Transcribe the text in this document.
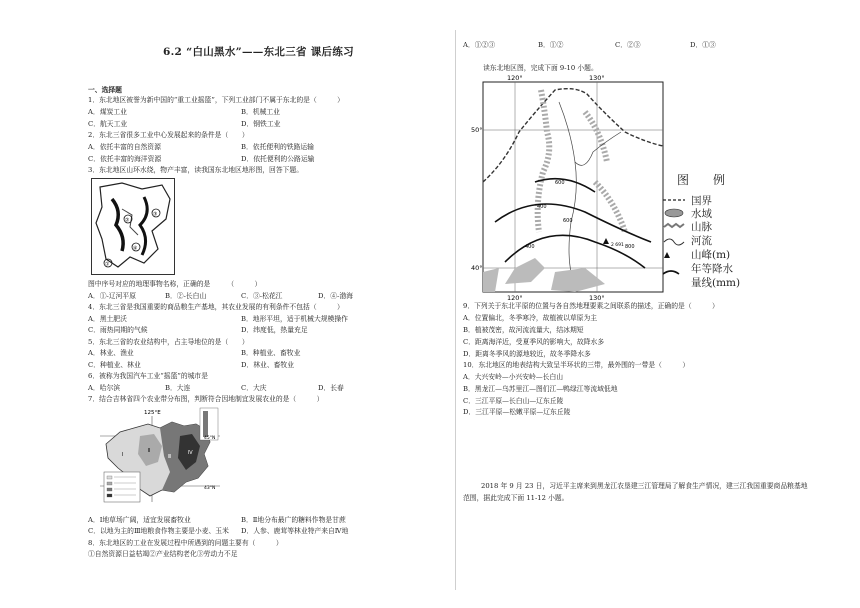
6.2 “白山黑水”——东北三省 课后练习
一、选择题
1．东北地区被誉为新中国的“重工业摇篮”，下列工业部门不属于东北的是（　　　）
A．煤炭工业	B．机械工业
C．航天工业	D．钢铁工业
2．东北三省很多工业中心发展起来的条件是（　　）
A．依托丰富的自然资源	B．依托便利的铁路运输
C．依托丰富的海洋资源	D．依托便利的公路运输
3．东北地区山环水绕，物产丰富，读我国东北地区地形图，回答下题。
②
①
③
④
图中序号对应的地理事物名称，正确的是　　　（　　　）
A．①-辽河平原	B．②-长白山	C．③-松花江	D．④-渤海
4．东北三省是我国重要的商品粮生产基地，其农业发展的有利条件不包括（　　　）
A．黑土肥沃	B．地形平坦，适于机械大规模操作
C．雨热同期的气候	D．纬度低，热量充足
5．东北三省的农业结构中，占主导地位的是（　　）
A．林业、渔业	B．种植业、畜牧业
C．种植业、林业	D．林业、畜牧业
6．被称为我国汽车工业“摇篮”的城市是
A．哈尔滨	B．大连	C．大庆	D．长春
7．结合吉林省四个农业带分布图，判断符合因地制宜发展农业的是（　　　）
125°E
45°N
43°N
Ⅰ
Ⅱ
Ⅲ
Ⅳ
A．Ⅰ地草场广阔，适宜发展畜牧业	B．Ⅱ地分布最广的糖料作物是甘蔗
C．以地为主的Ⅲ地粮食作物主要是小麦、玉米 D．人参、鹿茸等林业特产来自Ⅳ地
8．东北地区的工业在发展过程中所遇到的问题主要有（　　　）
①自然资源日益枯竭②产业结构老化③劳动力不足
A．①②③	B．①②	C．②③	D．①③
读东北地区图，完成下面 9-10 小题。
2 691
120°	130°
120°	130°
50°
40°
400
600
800
400
600	图　例
国界
水域
山脉
河流
山峰(m)
年等降水
量线(mm)
9．下列关于东北平原的位置与各自然地理要素之间联系的描述，正确的是（　　　）
A．位置偏北，冬季寒冷，故植被以草原为主
B．植被茂密，故河流流量大，结冰期短
C．距离海洋近，受夏季风的影响大，故降水多
D．距离冬季风的源地较近，故冬季降水多
10．东北地区的地表结构大致呈半环状的三带，最外围的一带是（　　　）
A．大兴安岭—小兴安岭—长白山
B．黑龙江—乌苏里江—图们江—鸭绿江等流域低地
C．三江平原—长白山—辽东丘陵
D．三江平原—松嫩平原—辽东丘陵
2018 年 9 月 23 日，习近平主席来到黑龙江农垦建三江管理局了解食生产情况，建三江我国重要商品粮基地
范围，据此完成下面 11-12 小题。
